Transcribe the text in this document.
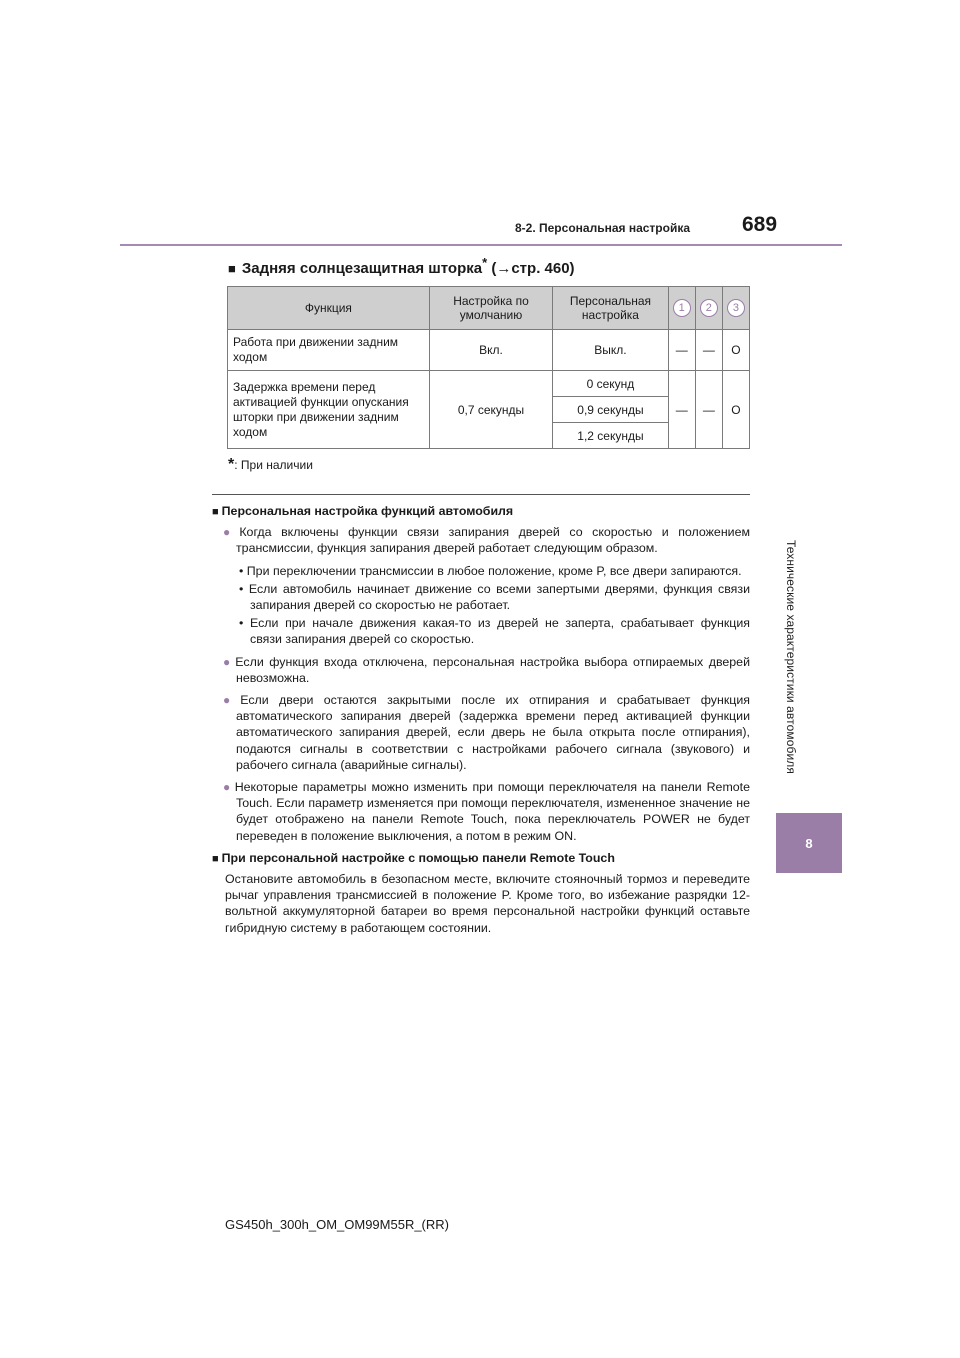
8-2. Персональная настройка 689
Технические характеристики автомобиля
8
■ Задняя солнцезащитная шторка* (→стр. 460)
Функция	Настройка по умолчанию	Персональная настройка	1	2	3
Работа при движении задним ходом	Вкл.	Выкл.	—	—	O
Задержка времени перед активацией функции опускания шторки при движении задним ходом	0,7 секунды	0 секунд	—	—	O
		0,9 секунды			
		1,2 секунды			
*: При наличии

■ Персональная настройка функций автомобиля

● Когда включены функции связи запирания дверей со скоростью и положением трансмиссии, функция запирания дверей работает следующим образом.

• При переключении трансмиссии в любое положение, кроме P, все двери запираются.

• Если автомобиль начинает движение со всеми запертыми дверями, функция связи запирания дверей со скоростью не работает.

• Если при начале движения какая-то из дверей не заперта, срабатывает функция связи запирания дверей со скоростью.

● Если функция входа отключена, персональная настройка выбора отпираемых дверей невозможна.

● Если двери остаются закрытыми после их отпирания и срабатывает функция автоматического запирания дверей (задержка времени перед активацией функции автоматического запирания дверей, если дверь не была открыта после отпирания), подаются сигналы в соответствии с настройками рабочего сигнала (звукового) и рабочего сигнала (аварийные сигналы).

● Некоторые параметры можно изменить при помощи переключателя на панели Remote Touch. Если параметр изменяется при помощи переключателя, измененное значение не будет отображено на панели Remote Touch, пока переключатель POWER не будет переведен в положение выключения, а потом в режим ON.

■ При персональной настройке с помощью панели Remote Touch

Остановите автомобиль в безопасном месте, включите стояночный тормоз и переведите рычаг управления трансмиссией в положение P. Кроме того, во избежание разрядки 12-вольтной аккумуляторной батареи во время персональной настройки функций оставьте гибридную систему в работающем состоянии.

GS450h_300h_OM_OM99M55R_(RR)
